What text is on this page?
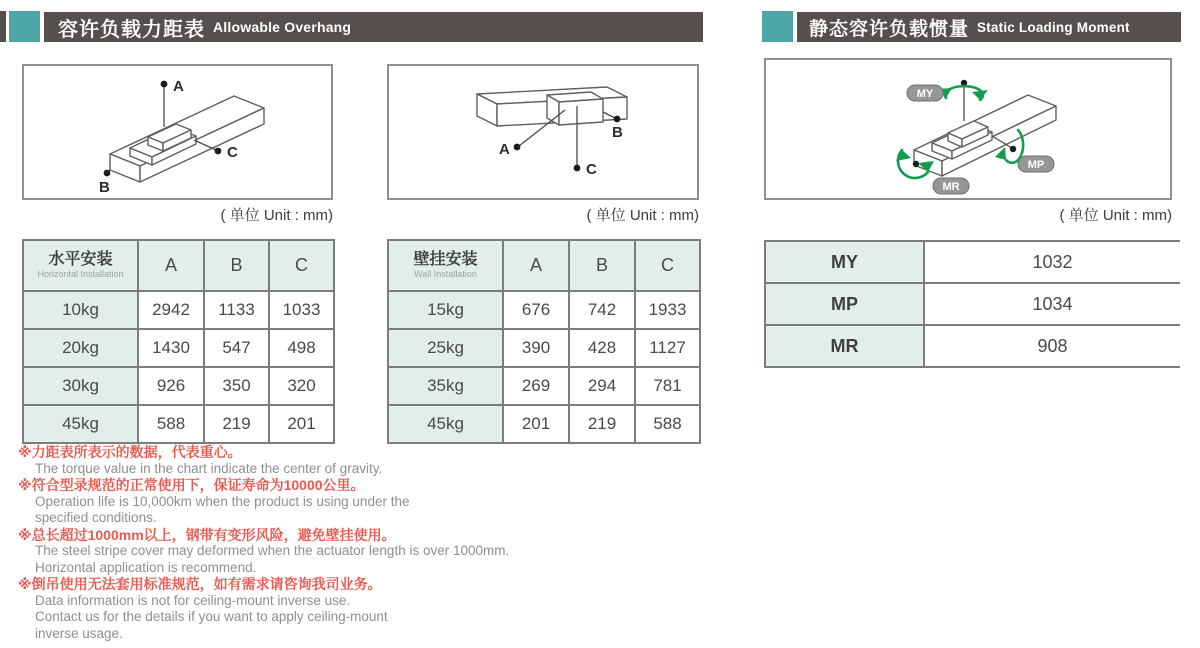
容许负载力距表 Allowable Overhang	静态容许负载惯量 Static Loading Moment
A
B
C
( 单位 Unit : mm)
A
B
C
( 单位 Unit : mm)
MY
MP
MR
( 单位 Unit : mm)
水平安装
Horizontal Installation	A	B	C
10kg	2942	1133	1033
20kg	1430	547	498
30kg	926	350	320
45kg	588	219	201
壁挂安装
Wall Installation	A	B	C
15kg	676	742	1933
25kg	390	428	1127
35kg	269	294	781
45kg	201	219	588
MY	1032
MP	1034
MR	908
※力距表所表示的数据，代表重心。
The torque value in the chart indicate the center of gravity.
※符合型录规范的正常使用下，保证寿命为10000公里。
Operation life is 10,000km when the product is using under the
specified conditions.
※总长超过1000mm以上，钢带有变形风险，避免壁挂使用。
The steel stripe cover may deformed when the actuator length is over 1000mm.
Horizontal application is recommend.
※倒吊使用无法套用标准规范，如有需求请咨询我司业务。
Data information is not for ceiling-mount inverse use.
Contact us for the details if you want to apply ceiling-mount
inverse usage.
